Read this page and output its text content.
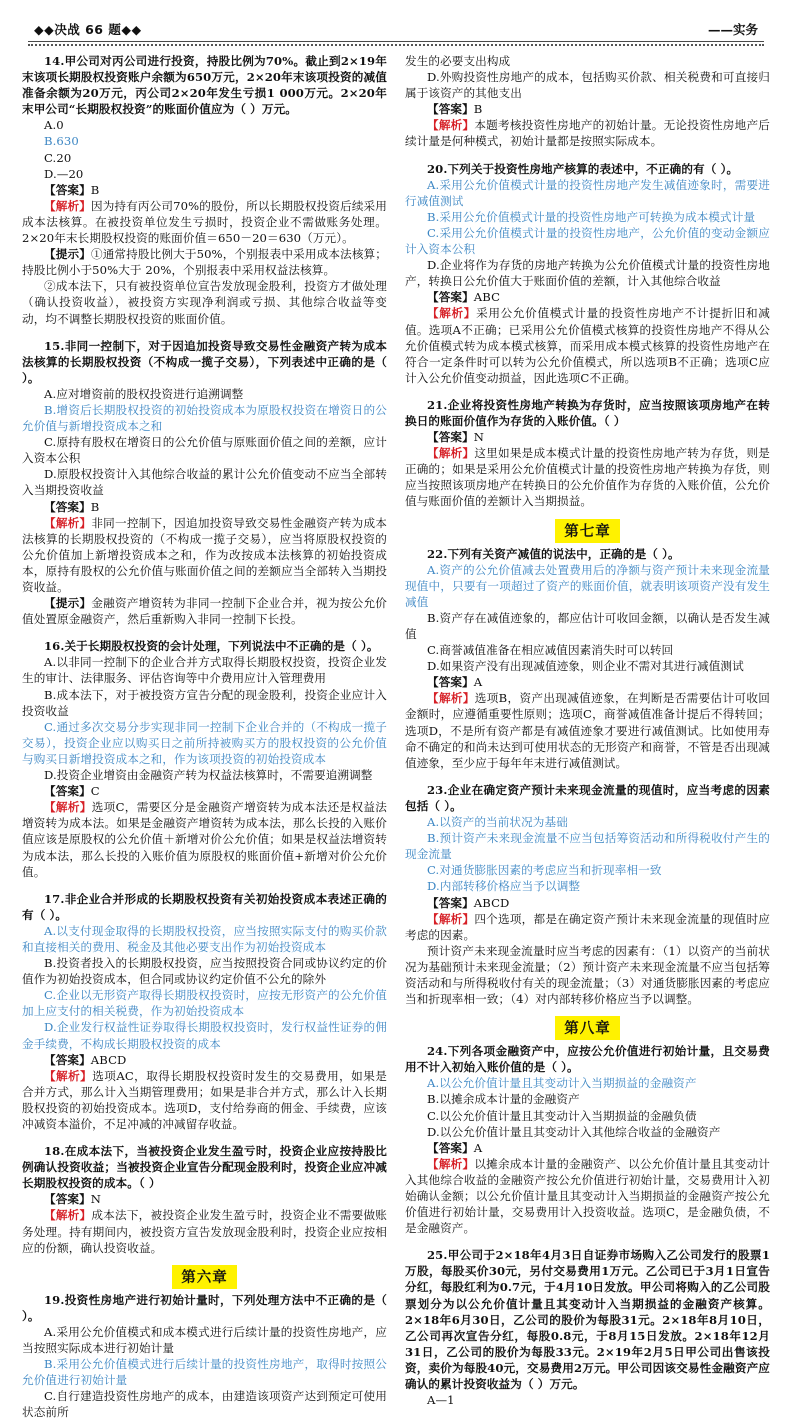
◆◆决战 66 题◆◆	——实务

14.甲公司对丙公司进行投资，持股比例为70%。截止到2×19年末该项长期股权投资账户余额为650万元，2×20年末该项投资的减值准备余额为20万元，丙公司2×20年发生亏损1 000万元。2×20年末甲公司“长期股权投资”的账面价值应为（ ）万元。

A.0

B.630

C.20

D.—20

【答案】B

【解析】因为持有丙公司70%的股份，所以长期股权投资后续采用成本法核算。在被投资单位发生亏损时，投资企业不需做账务处理。2×20年末长期股权投资的账面价值＝650－20＝630（万元）。

【提示】①通常持股比例大于50%，个别报表中采用成本法核算；持股比例小于50%大于 20%，个别报表中采用权益法核算。

②成本法下，只有被投资单位宣告发放现金股利，投资方才做处理（确认投资收益），被投资方实现净利润或亏损、其他综合收益等变动，均不调整长期股权投资的账面价值。

15.非同一控制下，对于因追加投资导致交易性金融资产转为成本法核算的长期股权投资（不构成一揽子交易），下列表述中正确的是（ ）。

A.应对增资前的股权投资进行追溯调整

B.增资后长期股权投资的初始投资成本为原股权投资在增资日的公允价值与新增投资成本之和

C.原持有股权在增资日的公允价值与原账面价值之间的差额，应计入资本公积

D.原股权投资计入其他综合收益的累计公允价值变动不应当全部转入当期投资收益

【答案】B

【解析】非同一控制下，因追加投资导致交易性金融资产转为成本法核算的长期股权投资的（不构成一揽子交易），应当将原股权投资的公允价值加上新增投资成本之和，作为改按成本法核算的初始投资成本，原持有股权的公允价值与账面价值之间的差额应当全部转入当期投资收益。

【提示】金融资产增资转为非同一控制下企业合并，视为按公允价值处置原金融资产，然后重新购入非同一控制下长投。

16.关于长期股权投资的会计处理，下列说法中不正确的是（ ）。

A.以非同一控制下的企业合并方式取得长期股权投资，投资企业发生的审计、法律服务、评估咨询等中介费用应计入管理费用

B.成本法下，对于被投资方宣告分配的现金股利，投资企业应计入投资收益

C.通过多次交易分步实现非同一控制下企业合并的（不构成一揽子交易），投资企业应以购买日之前所持被购买方的股权投资的公允价值与购买日新增投资成本之和，作为该项投资的初始投资成本

D.投资企业增资由金融资产转为权益法核算时，不需要追溯调整

【答案】C

【解析】选项C，需要区分是金融资产增资转为成本法还是权益法增资转为成本法。如果是金融资产增资转为成本法，那么长投的入账价值应该是原股权的公允价值＋新增对价公允价值；如果是权益法增资转为成本法，那么长投的入账价值为原股权的账面价值+新增对价公允价值。

17.非企业合并形成的长期股权投资有关初始投资成本表述正确的有（ ）。

A.以支付现金取得的长期股权投资，应当按照实际支付的购买价款和直接相关的费用、税金及其他必要支出作为初始投资成本

B.投资者投入的长期股权投资，应当按照投资合同或协议约定的价值作为初始投资成本，但合同或协议约定价值不公允的除外

C.企业以无形资产取得长期股权投资时，应按无形资产的公允价值加上应支付的相关税费，作为初始投资成本

D.企业发行权益性证券取得长期股权投资时，发行权益性证券的佣金手续费，不构成长期股权投资的成本

【答案】ABCD

【解析】选项AC，取得长期股权投资时发生的交易费用，如果是合并方式，那么计入当期管理费用；如果是非合并方式，那么计入长期股权投资的初始投资成本。选项D，支付给券商的佣金、手续费，应该冲减资本溢价，不足冲减的冲减留存收益。

18.在成本法下，当被投资企业发生盈亏时，投资企业应按持股比例确认投资收益；当被投资企业宣告分配现金股利时，投资企业应冲减长期股权投资的成本。（ ）

【答案】N

【解析】成本法下，被投资企业发生盈亏时，投资企业不需要做账务处理。持有期间内，被投资方宣告发放现金股利时，投资企业应按相应的份额，确认投资收益。

第六章

19.投资性房地产进行初始计量时，下列处理方法中不正确的是（ ）。

A.采用公允价值模式和成本模式进行后续计量的投资性房地产，应当按照实际成本进行初始计量

B.采用公允价值模式进行后续计量的投资性房地产，取得时按照公允价值进行初始计量

C.自行建造投资性房地产的成本，由建造该项资产达到预定可使用状态前所

发生的必要支出构成

D.外购投资性房地产的成本，包括购买价款、相关税费和可直接归属于该资产的其他支出

【答案】B

【解析】本题考核投资性房地产的初始计量。无论投资性房地产后续计量是何种模式，初始计量都是按照实际成本。

20.下列关于投资性房地产核算的表述中，不正确的有（ ）。

A.采用公允价值模式计量的投资性房地产发生减值迹象时，需要进行减值测试

B.采用公允价值模式计量的投资性房地产可转换为成本模式计量

C.采用公允价值模式计量的投资性房地产，公允价值的变动金额应计入资本公积

D.企业将作为存货的房地产转换为公允价值模式计量的投资性房地产，转换日公允价值大于账面价值的差额，计入其他综合收益

【答案】ABC

【解析】采用公允价值模式计量的投资性房地产不计提折旧和减值。选项A不正确；已采用公允价值模式核算的投资性房地产不得从公允价值模式转为成本模式核算，而采用成本模式核算的投资性房地产在符合一定条件时可以转为公允价值模式，所以选项B不正确；选项C应计入公允价值变动损益，因此选项C不正确。

21.企业将投资性房地产转换为存货时，应当按照该项房地产在转换日的账面价值作为存货的入账价值。（ ）

【答案】N

【解析】这里如果是成本模式计量的投资性房地产转为存货，则是正确的；如果是采用公允价值模式计量的投资性房地产转换为存货，则应当按照该项房地产在转换日的公允价值作为存货的入账价值，公允价值与账面价值的差额计入当期损益。

第七章

22.下列有关资产减值的说法中，正确的是（ ）。

A.资产的公允价值减去处置费用后的净额与资产预计未来现金流量现值中，只要有一项超过了资产的账面价值，就表明该项资产没有发生减值

B.资产存在减值迹象的，都应估计可收回金额，以确认是否发生减值

C.商誉减值准备在相应减值因素消失时可以转回

D.如果资产没有出现减值迹象，则企业不需对其进行减值测试

【答案】A

【解析】选项B，资产出现减值迹象，在判断是否需要估计可收回金额时，应遵循重要性原则；选项C，商誉减值准备计提后不得转回；选项D，不是所有资产都是有减值迹象才要进行减值测试。比如使用寿命不确定的和尚未达到可使用状态的无形资产和商誉，不管是否出现减值迹象，至少应于每年年末进行减值测试。

23.企业在确定资产预计未来现金流量的现值时，应当考虑的因素包括（ ）。

A.以资产的当前状况为基础

B.预计资产未来现金流量不应当包括筹资活动和所得税收付产生的现金流量

C.对通货膨胀因素的考虑应当和折现率相一致

D.内部转移价格应当予以调整

【答案】ABCD

【解析】四个选项，都是在确定资产预计未来现金流量的现值时应考虑的因素。

预计资产未来现金流量时应当考虑的因素有：（1）以资产的当前状况为基础预计未来现金流量；（2）预计资产未来现金流量不应当包括筹资活动和与所得税收付有关的现金流量；（3）对通货膨胀因素的考虑应当和折现率相一致；（4）对内部转移价格应当予以调整。

第八章

24.下列各项金融资产中，应按公允价值进行初始计量，且交易费用不计入初始入账价值的是（ ）。

A.以公允价值计量且其变动计入当期损益的金融资产

B.以摊余成本计量的金融资产

C.以公允价值计量且其变动计入当期损益的金融负债

D.以公允价值计量且其变动计入其他综合收益的金融资产

【答案】A

【解析】以摊余成本计量的金融资产、以公允价值计量且其变动计入其他综合收益的金融资产按公允价值进行初始计量，交易费用计入初始确认金额；以公允价值计量且其变动计入当期损益的金融资产按公允价值进行初始计量，交易费用计入投资收益。选项C，是金融负债，不是金融资产。

25.甲公司于2×18年4月3日自证券市场购入乙公司发行的股票1万股，每股买价30元，另付交易费用1万元。乙公司已于3月1日宣告分红，每股红利为0.7元，于4月10日发放。甲公司将购入的乙公司股票划分为以公允价值计量且其变动计入当期损益的金融资产核算。2×18年6月30日，乙公司的股价为每股31元。2×18年8月10日，乙公司再次宣告分红，每股0.8元，于8月15日发放。2×18年12月31日，乙公司的股价为每股33元。2×19年2月5日甲公司出售该投资，卖价为每股40元，交易费用2万元。甲公司因该交易性金融资产应确认的累计投资收益为（ ）万元。

A—1
